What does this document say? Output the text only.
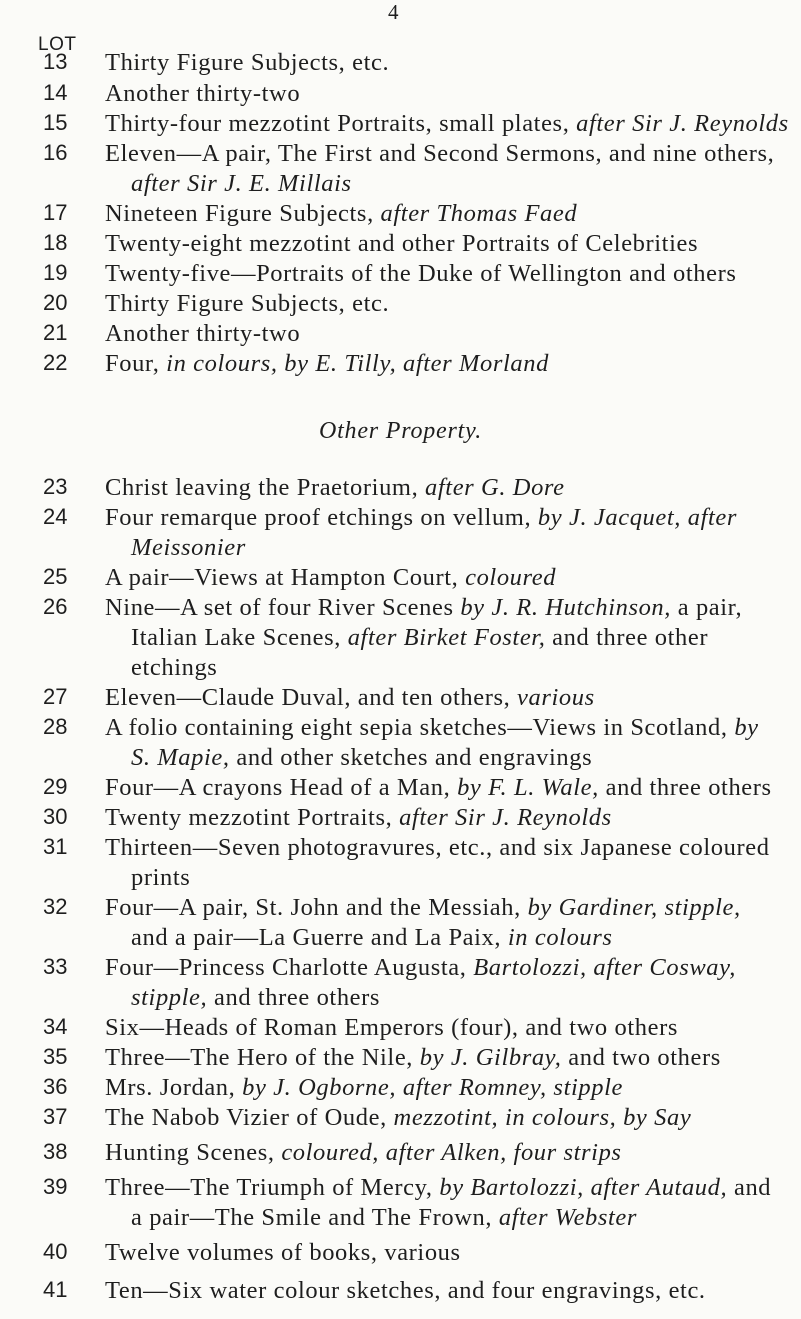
4
LOT
13	Thirty Figure Subjects, etc.
14	Another thirty-two
15	Thirty-four mezzotint Portraits, small plates, after Sir J. Reynolds
16	Eleven—A pair, The First and Second Sermons, and nine others,
after Sir J. E. Millais
17	Nineteen Figure Subjects, after Thomas Faed
18	Twenty-eight mezzotint and other Portraits of Celebrities
19	Twenty-five—Portraits of the Duke of Wellington and others
20	Thirty Figure Subjects, etc.
21	Another thirty-two
22	Four, in colours, by E. Tilly, after Morland
Other Property.
23	Christ leaving the Praetorium, after G. Dore
24	Four remarque proof etchings on vellum, by J. Jacquet, after
Meissonier
25	A pair—Views at Hampton Court, coloured
26	Nine—A set of four River Scenes by J. R. Hutchinson, a pair,
Italian Lake Scenes, after Birket Foster, and three other
etchings
27	Eleven—Claude Duval, and ten others, various
28	A folio containing eight sepia sketches—Views in Scotland, by
S. Mapie, and other sketches and engravings
29	Four—A crayons Head of a Man, by F. L. Wale, and three others
30	Twenty mezzotint Portraits, after Sir J. Reynolds
31	Thirteen—Seven photogravures, etc., and six Japanese coloured
prints
32	Four—A pair, St. John and the Messiah, by Gardiner, stipple,
and a pair—La Guerre and La Paix, in colours
33	Four—Princess Charlotte Augusta, Bartolozzi, after Cosway,
stipple, and three others
34	Six—Heads of Roman Emperors (four), and two others
35	Three—The Hero of the Nile, by J. Gilbray, and two others
36	Mrs. Jordan, by J. Ogborne, after Romney, stipple
37	The Nabob Vizier of Oude, mezzotint, in colours, by Say
38	Hunting Scenes, coloured, after Alken, four strips
39	Three—The Triumph of Mercy, by Bartolozzi, after Autaud, and
a pair—The Smile and The Frown, after Webster
40	Twelve volumes of books, various
41	Ten—Six water colour sketches, and four engravings, etc.
